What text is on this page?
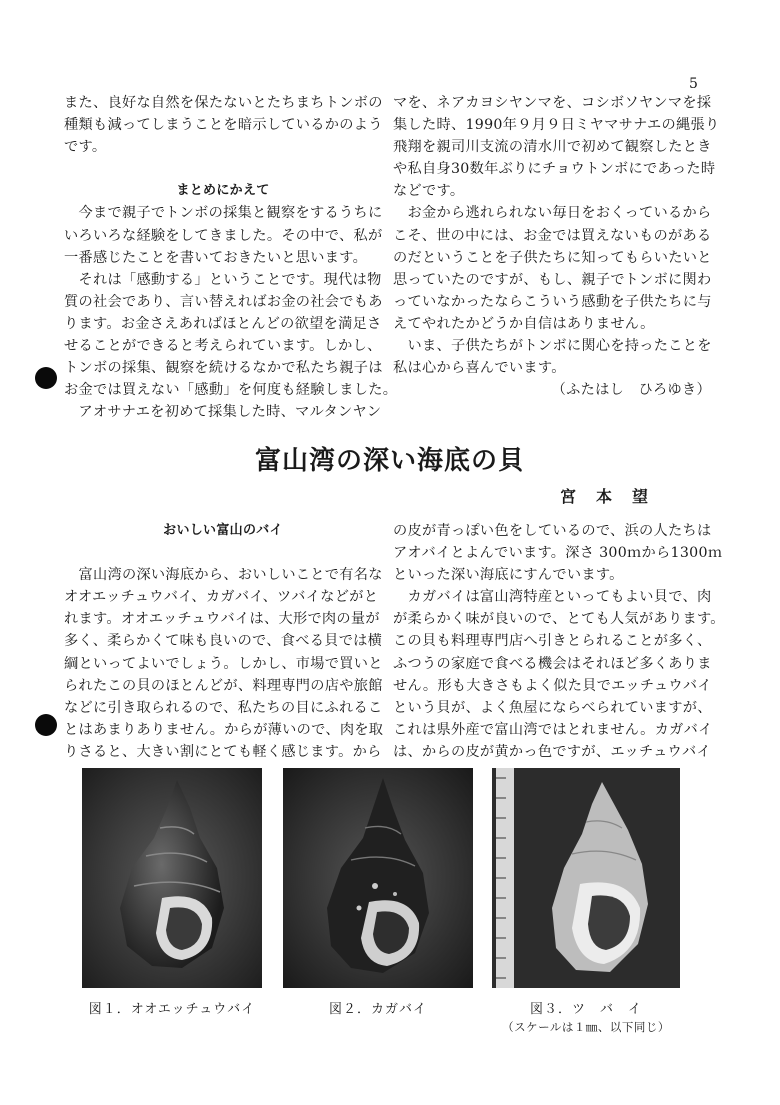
5

また、良好な自然を保たないとたちまちトンボの

種類も減ってしまうことを暗示しているかのよう

です。

まとめにかえて

　今まで親子でトンボの採集と観察をするうちに

いろいろな経験をしてきました。その中で、私が

一番感じたことを書いておきたいと思います。

　それは「感動する」ということです。現代は物

質の社会であり、言い替えればお金の社会でもあ

ります。お金さえあればほとんどの欲望を満足さ

せることができると考えられています。しかし、

トンボの採集、観察を続けるなかで私たち親子は

お金では買えない「感動」を何度も経験しました。

　アオサナエを初めて採集した時、マルタンヤン

マを、ネアカヨシヤンマを、コシボソヤンマを採

集した時、1990年９月９日ミヤマサナエの縄張り

飛翔を親司川支流の清水川で初めて観察したとき

や私自身30数年ぶりにチョウトンボにであった時

などです。

　お金から逃れられない毎日をおくっているから

こそ、世の中には、お金では買えないものがある

のだということを子供たちに知ってもらいたいと

思っていたのですが、もし、親子でトンボに関わ

っていなかったならこういう感動を子供たちに与

えてやれたかどうか自信はありません。

　いま、子供たちがトンボに関心を持ったことを

私は心から喜んでいます。

（ふたはし　ひろゆき）

富山湾の深い海底の貝
宮本望

おいしい富山のバイ

　富山湾の深い海底から、おいしいことで有名な

オオエッチュウバイ、カガバイ、ツバイなどがと

れます。オオエッチュウバイは、大形で肉の量が

多く、柔らかくて味も良いので、食べる貝では横

綱といってよいでしょう。しかし、市場で買いと

られたこの貝のほとんどが、料理専門の店や旅館

などに引き取られるので、私たちの目にふれるこ

とはあまりありません。からが薄いので、肉を取

りさると、大きい割にとても軽く感じます。から

の皮が青っぽい色をしているので、浜の人たちは

アオバイとよんでいます。深さ 300ｍから1300ｍ

といった深い海底にすんでいます。

　カガバイは富山湾特産といってもよい貝で、肉

が柔らかく味が良いので、とても人気があります。

この貝も料理専門店へ引きとられることが多く、

ふつうの家庭で食べる機会はそれほど多くありま

せん。形も大きさもよく似た貝でエッチュウバイ

という貝が、よく魚屋にならべられていますが、

これは県外産で富山湾ではとれません。カガバイ

は、からの皮が黄かっ色ですが、エッチュウバイ

図１．オオエッチュウバイ	図２．カガバイ	図３．ツ　バ　イ
（スケールは１㎜、以下同じ）
